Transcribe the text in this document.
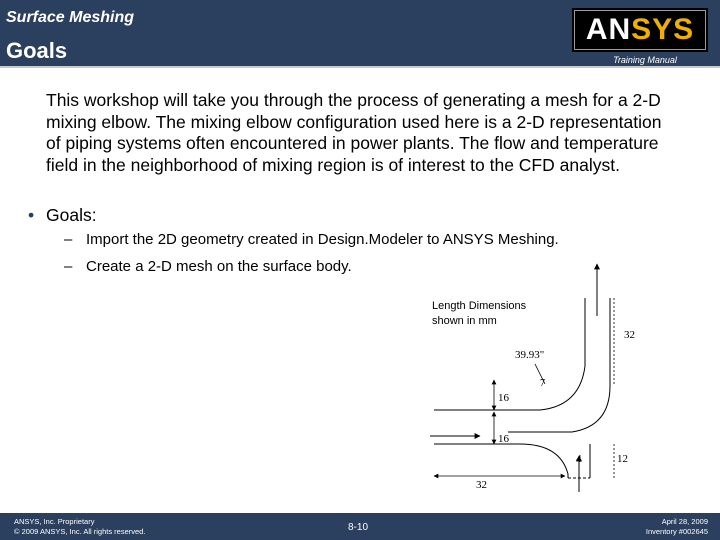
Surface Meshing
Goals
ANSYS
Training Manual
This workshop will take you through the process of generating a mesh for a 2-D mixing elbow. The mixing elbow configuration used here is a 2-D representation of piping systems often encountered in power plants. The flow and temperature field in the neighborhood of mixing region is of interest to the CFD analyst.
• Goals:
– Import the 2D geometry created in Design.Modeler to ANSYS Meshing.
– Create a 2-D mesh on the surface body.
Length Dimensions
shown in mm
32
39.93"
7
16
16
4	12
32
ANSYS, Inc. Proprietary
© 2009 ANSYS, Inc. All rights reserved.	8-10
April 28, 2009
Inventory #002645
